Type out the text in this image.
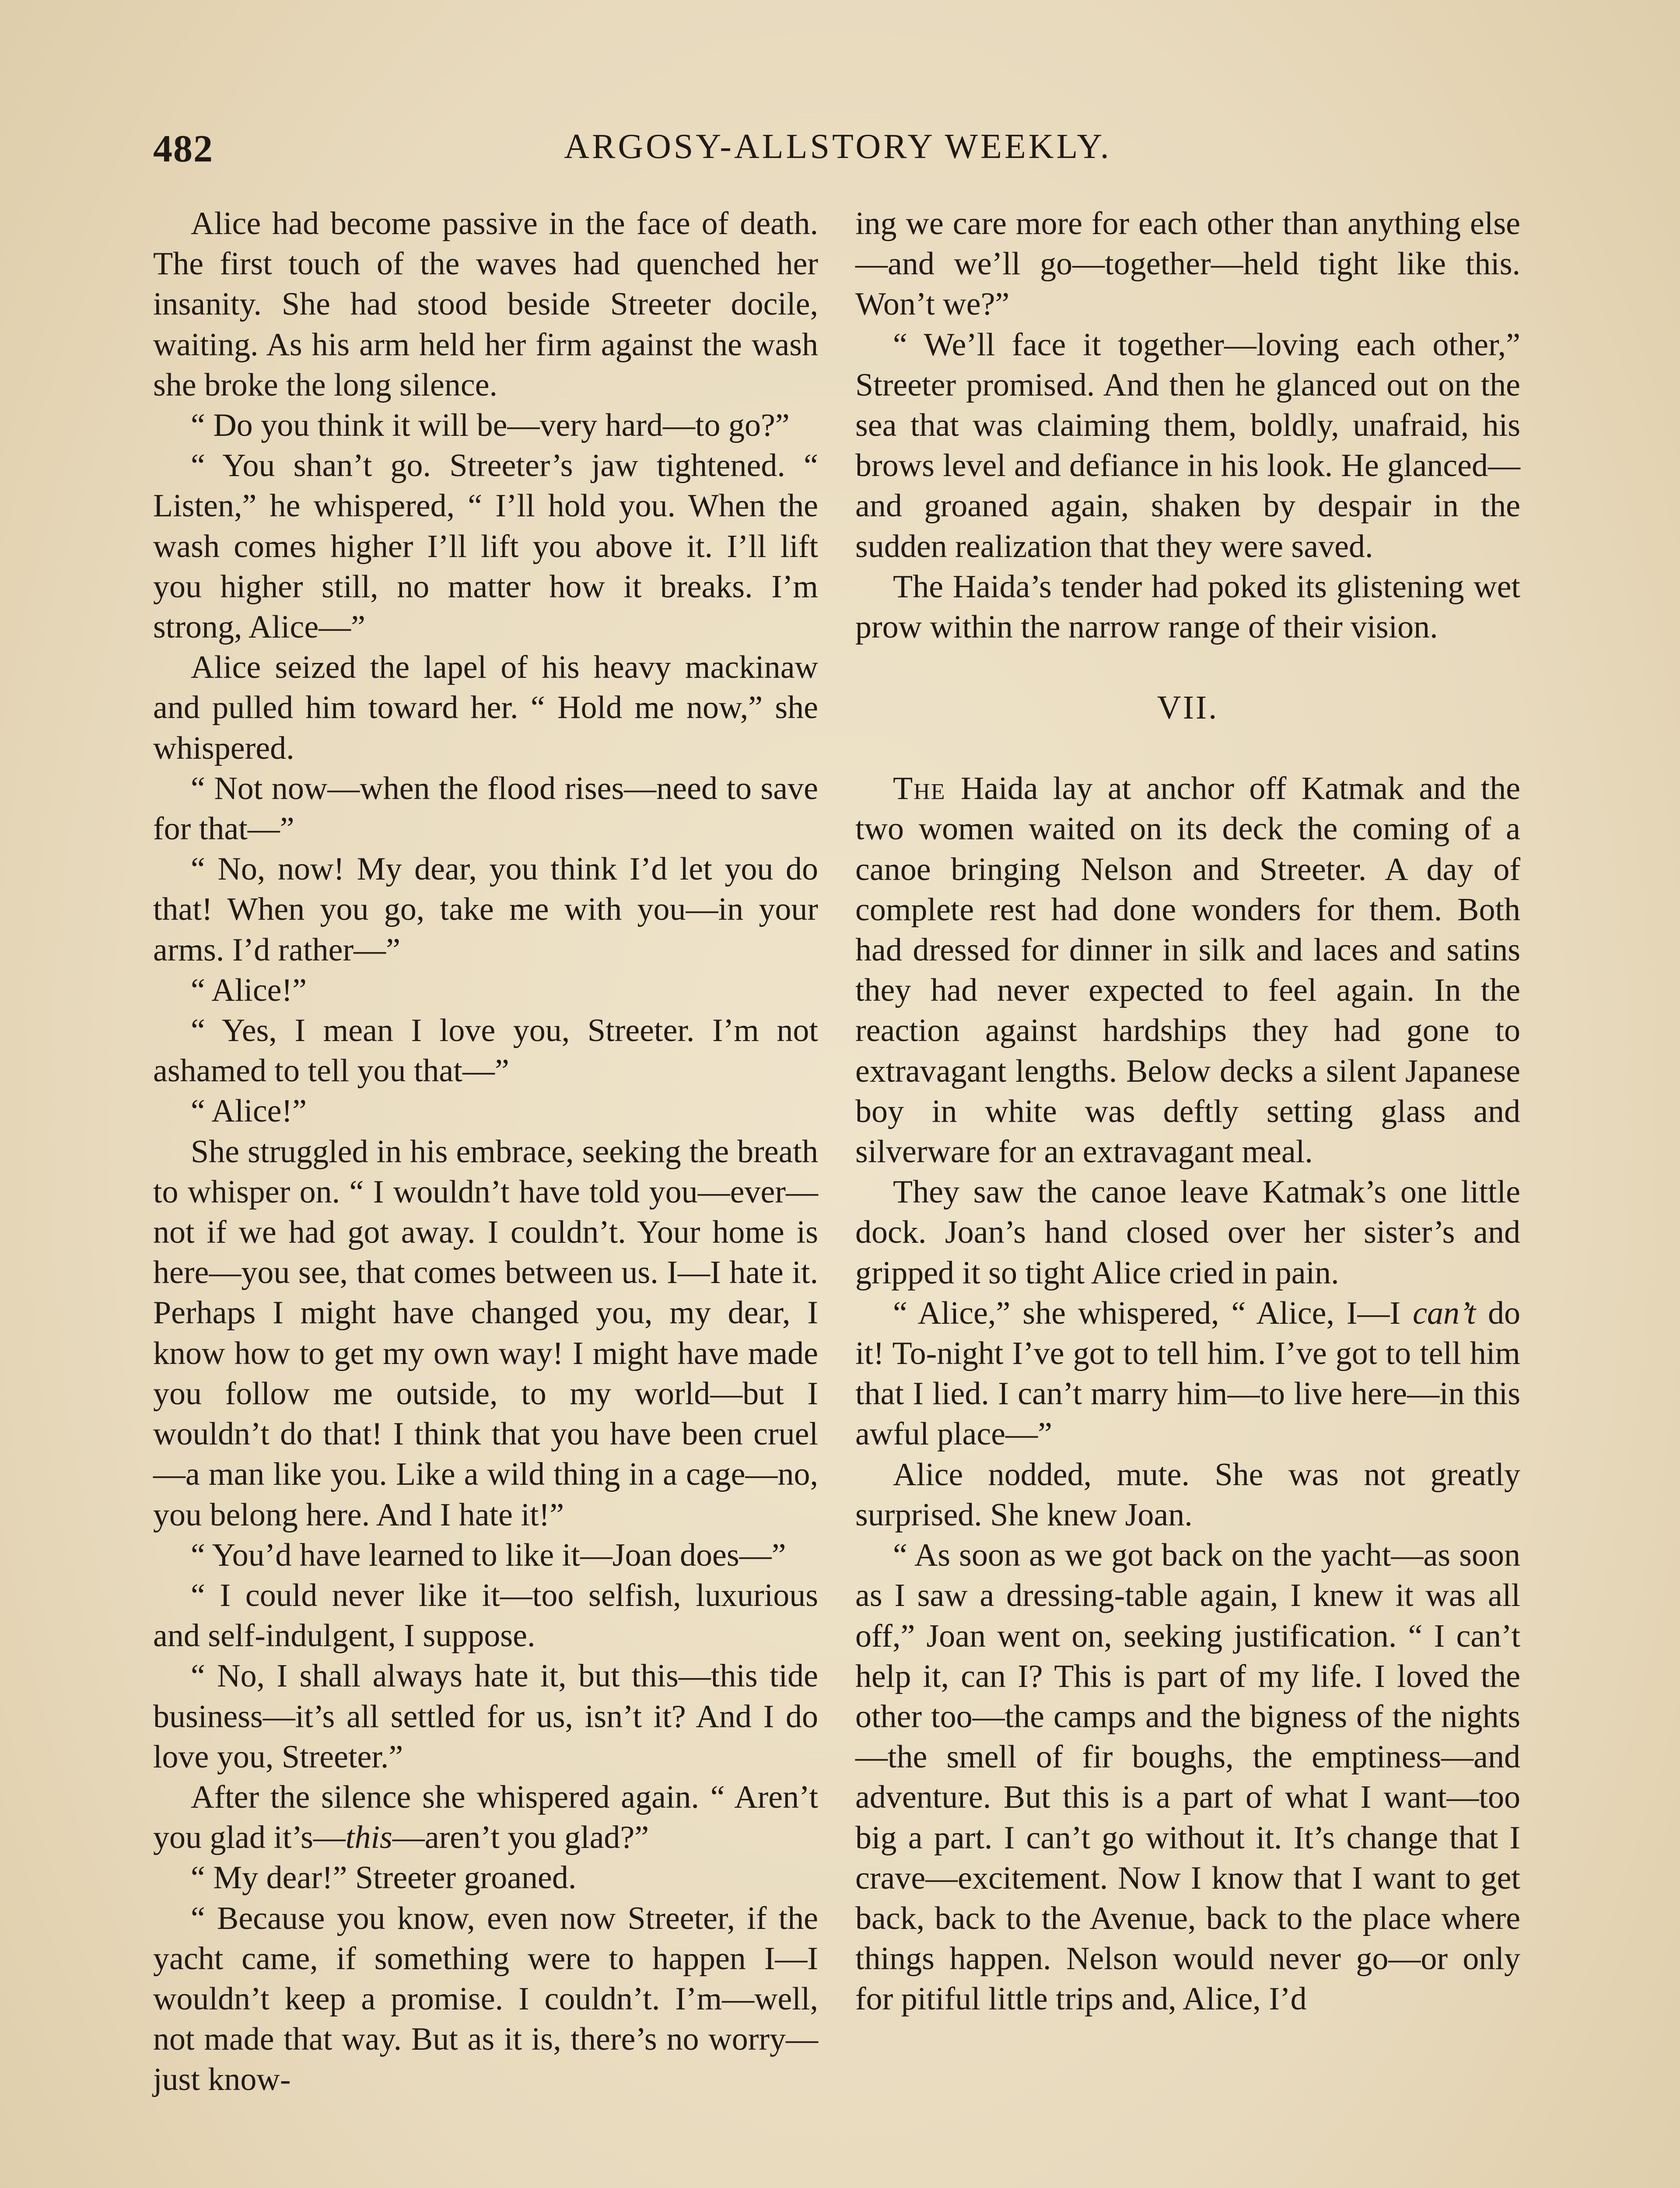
482	ARGOSY-ALLSTORY WEEKLY.

Alice had become passive in the face of death. The first touch of the waves had quenched her insanity. She had stood beside Streeter docile, waiting. As his arm held her firm against the wash she broke the long silence.

“ Do you think it will be—very hard—to go?”

“ You shan’t go. Streeter’s jaw tightened. “ Listen,” he whispered, “ I’ll hold you. When the wash comes higher I’ll lift you above it. I’ll lift you higher still, no matter how it breaks. I’m strong, Alice—”

Alice seized the lapel of his heavy mackinaw and pulled him toward her. “ Hold me now,” she whispered.

“ Not now—when the flood rises—need to save for that—”

“ No, now! My dear, you think I’d let you do that! When you go, take me with you—in your arms. I’d rather—”

“ Alice!”

“ Yes, I mean I love you, Streeter. I’m not ashamed to tell you that—”

“ Alice!”

She struggled in his embrace, seeking the breath to whisper on. “ I wouldn’t have told you—ever—not if we had got away. I couldn’t. Your home is here—you see, that comes between us. I—I hate it. Perhaps I might have changed you, my dear, I know how to get my own way! I might have made you follow me outside, to my world—but I wouldn’t do that! I think that you have been cruel—a man like you. Like a wild thing in a cage—no, you belong here. And I hate it!”

“ You’d have learned to like it—Joan does—”

“ I could never like it—too selfish, luxurious and self-indulgent, I suppose.

“ No, I shall always hate it, but this—this tide business—it’s all settled for us, isn’t it? And I do love you, Streeter.”

After the silence she whispered again. “ Aren’t you glad it’s—this—aren’t you glad?”

“ My dear!” Streeter groaned.

“ Because you know, even now Streeter, if the yacht came, if something were to happen I—I wouldn’t keep a promise. I couldn’t. I’m—well, not made that way. But as it is, there’s no worry—just know-

ing we care more for each other than anything else—and we’ll go—together—held tight like this. Won’t we?”

“ We’ll face it together—loving each other,” Streeter promised. And then he glanced out on the sea that was claiming them, boldly, unafraid, his brows level and defiance in his look. He glanced—and groaned again, shaken by despair in the sudden realization that they were saved.

The Haida’s tender had poked its glistening wet prow within the narrow range of their vision.

VII.

The Haida lay at anchor off Katmak and the two women waited on its deck the coming of a canoe bringing Nelson and Streeter. A day of complete rest had done wonders for them. Both had dressed for dinner in silk and laces and satins they had never expected to feel again. In the reaction against hardships they had gone to extravagant lengths. Below decks a silent Japanese boy in white was deftly setting glass and silverware for an extravagant meal.

They saw the canoe leave Katmak’s one little dock. Joan’s hand closed over her sister’s and gripped it so tight Alice cried in pain.

“ Alice,” she whispered, “ Alice, I—I can’t do it! To-night I’ve got to tell him. I’ve got to tell him that I lied. I can’t marry him—to live here—in this awful place—”

Alice nodded, mute. She was not greatly surprised. She knew Joan.

“ As soon as we got back on the yacht—as soon as I saw a dressing-table again, I knew it was all off,” Joan went on, seeking justification. “ I can’t help it, can I? This is part of my life. I loved the other too—the camps and the bigness of the nights—the smell of fir boughs, the emptiness—and adventure. But this is a part of what I want—too big a part. I can’t go without it. It’s change that I crave—excitement. Now I know that I want to get back, back to the Avenue, back to the place where things happen. Nelson would never go—or only for pitiful little trips and, Alice, I’d
